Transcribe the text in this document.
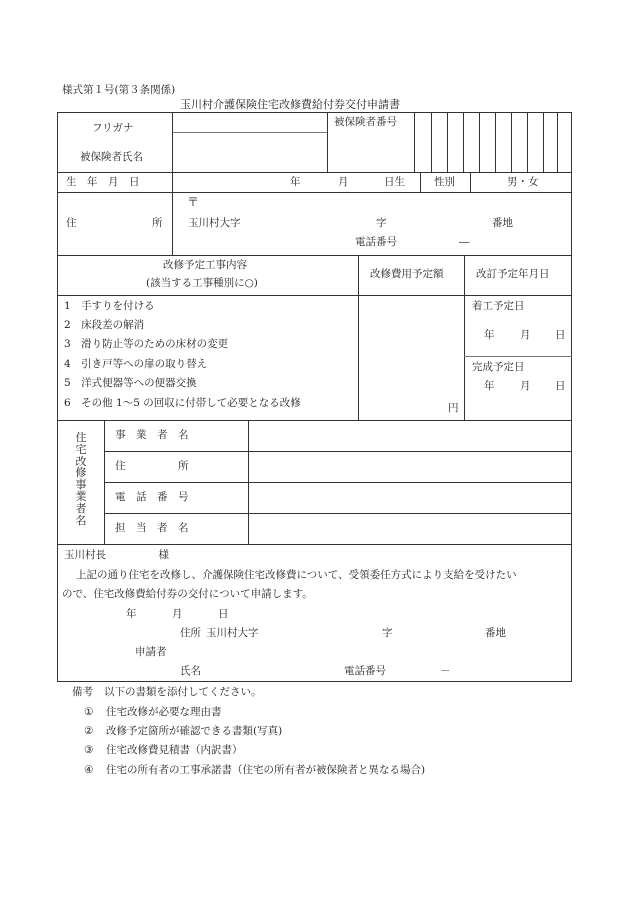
様式第１号(第３条関係)
玉川村介護保険住宅改修費給付券交付申請書
フリガナ
被保険者氏名
被保険者番号
生　年　月　日	年	月	日生	性別	男・女
住	所
〒
玉川村大字	字	番地
電話番号	―
改修予定工事内容
(該当する工事種別に○)
改修費用予定額	改訂予定年月日
1　手すりを付ける
2　床段差の解消
3　滑り防止等のための床材の変更
4　引き戸等への扉の取り替え
5　洋式便器等への便器交換
6　その他 1～5 の回収に付帯して必要となる改修	円
着工予定日
年 月 日
完成予定日
年 月 日
住宅改修事業者名
事　業　者　名
住　　　　　所
電　話　番　号
担　当　者　名
玉川村長　　　　　様
上記の通り住宅を改修し、介護保険住宅改修費について、受領委任方式により支給を受けたい
ので、住宅改修費給付券の交付について申請します。
年	月	日
住所 玉川村大字	字	番地
申請者
氏名	電話番号	－
備考 以下の書類を添付してください。
① 住宅改修が必要な理由書
② 改修予定箇所が確認できる書類(写真)
③ 住宅改修費見積書（内訳書）
④ 住宅の所有者の工事承諾書（住宅の所有者が被保険者と異なる場合)
